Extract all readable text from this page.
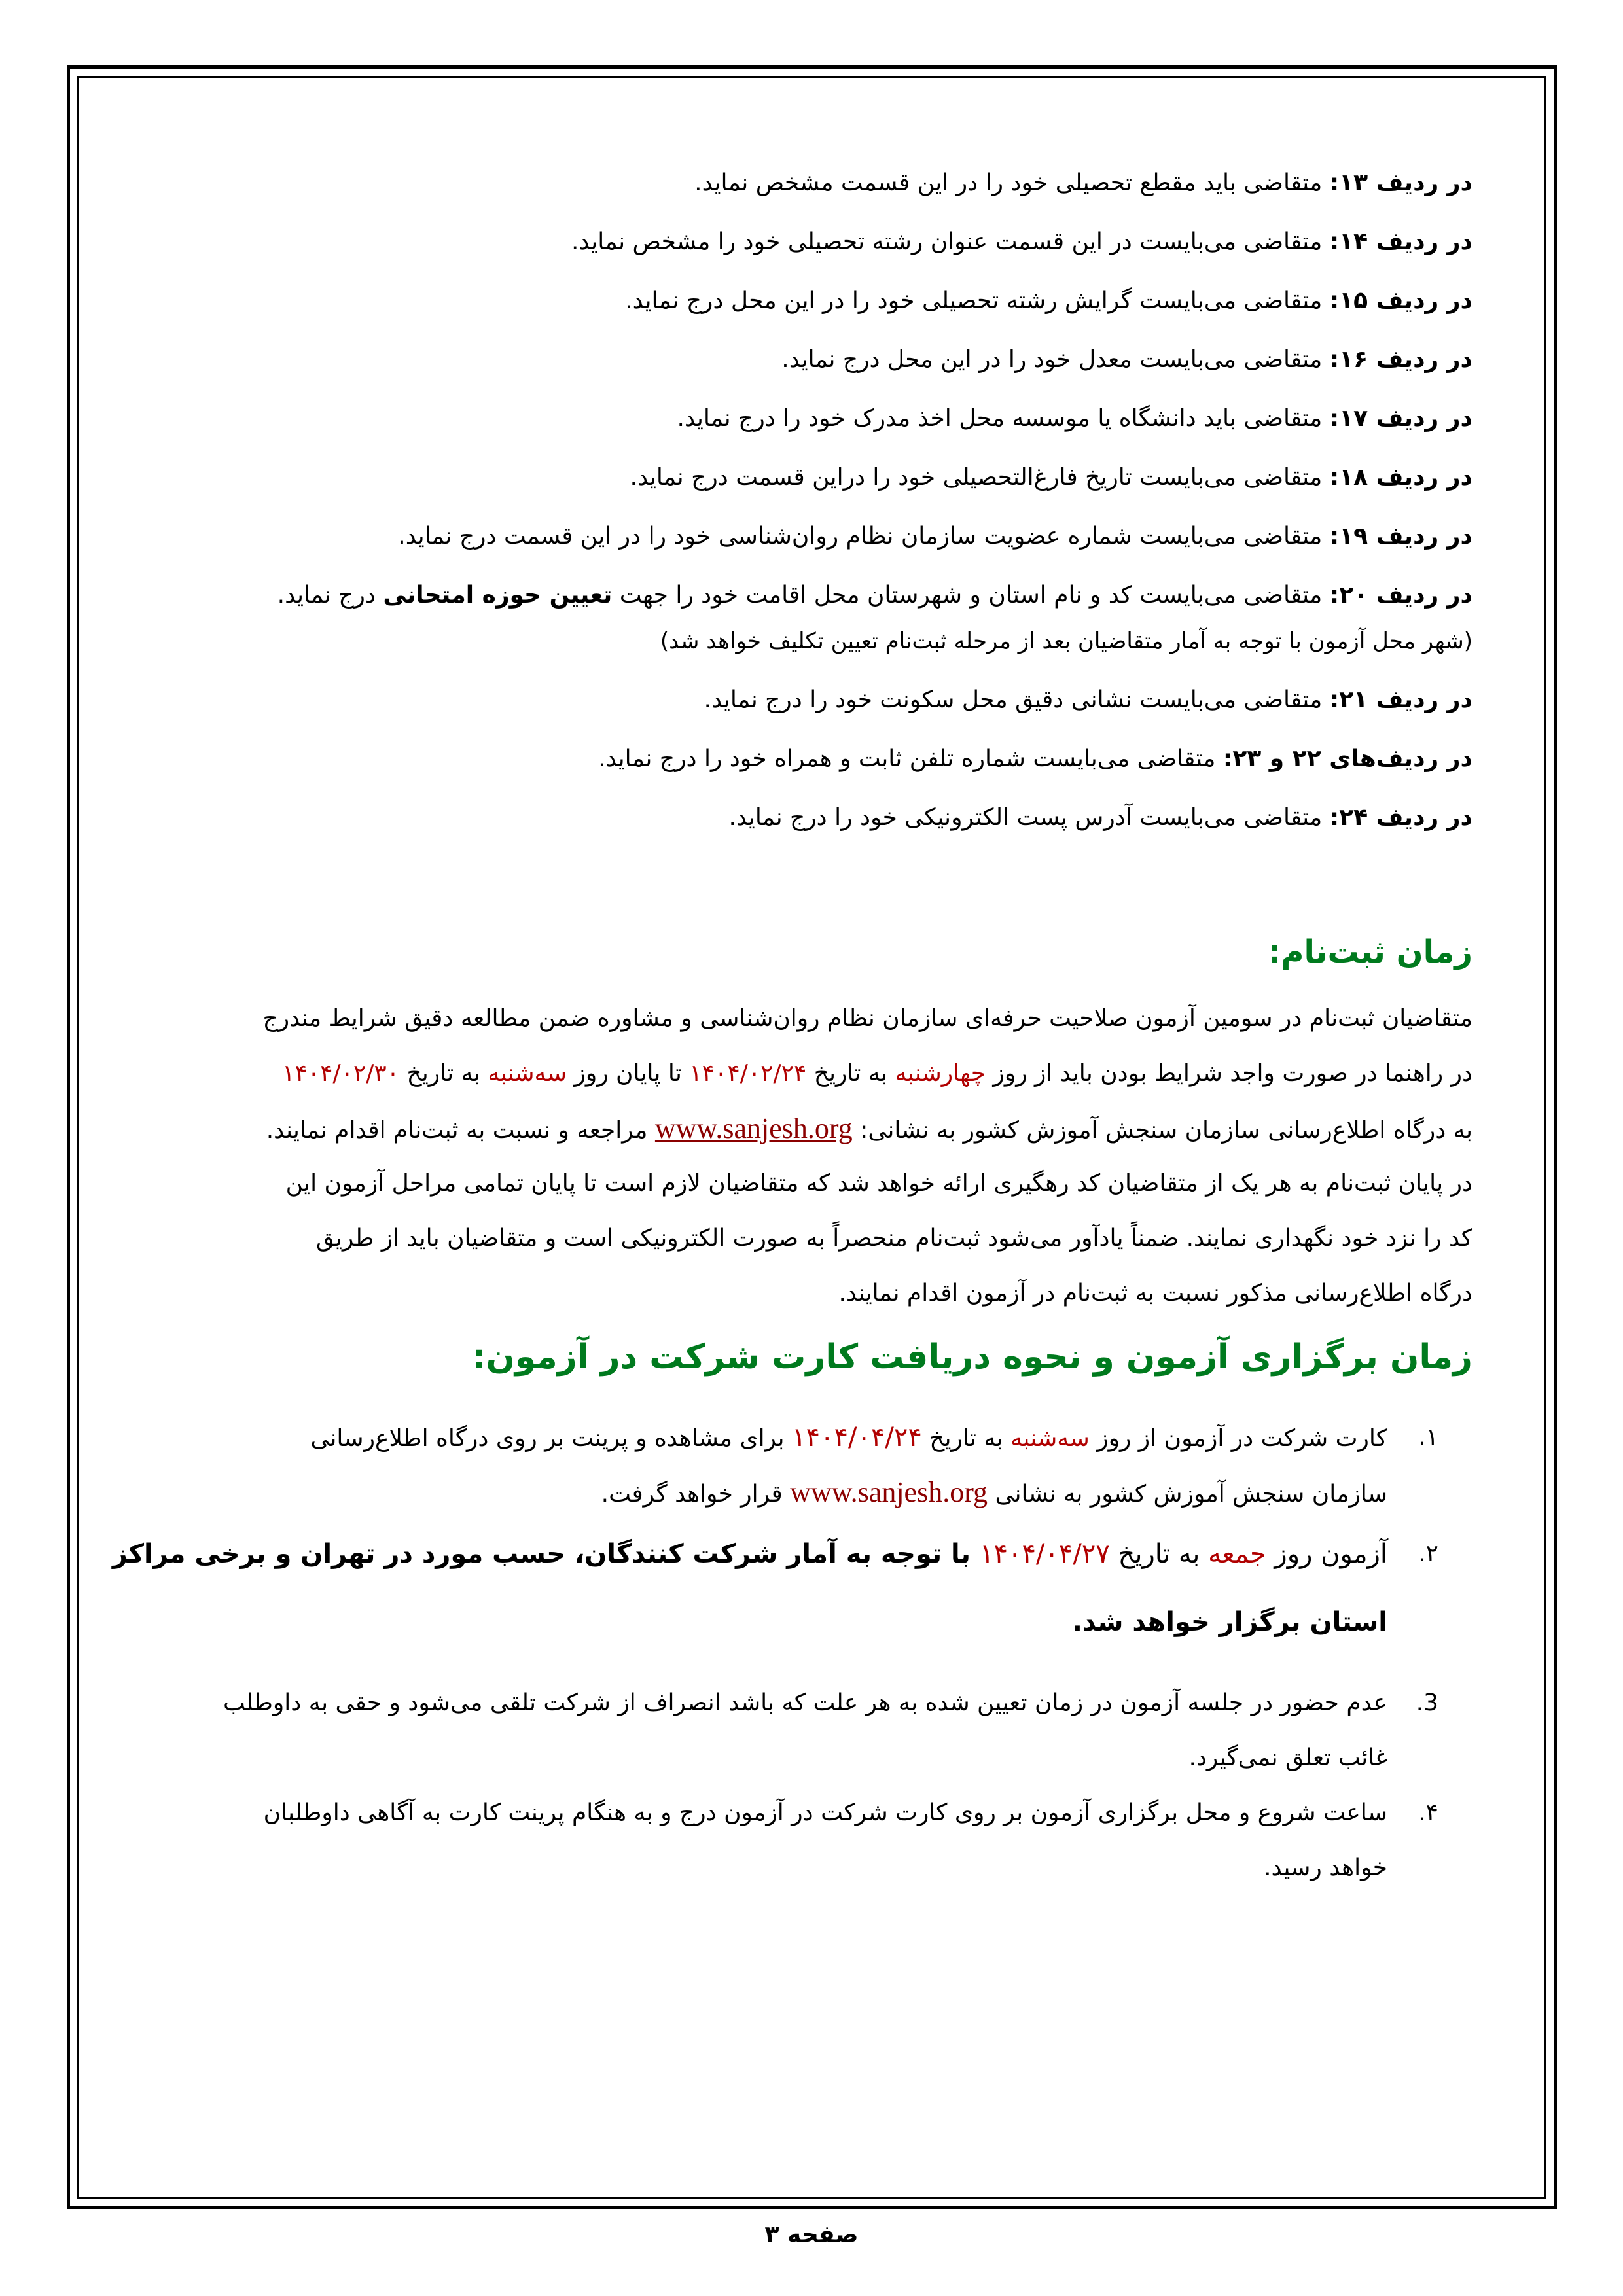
در ردیف ۱۳: متقاضی باید مقطع تحصیلی خود را در این قسمت مشخص نماید.
در ردیف ۱۴: متقاضی می‌بایست در این قسمت عنوان رشته تحصیلی خود را مشخص نماید.
در ردیف ۱۵: متقاضی می‌بایست گرایش رشته تحصیلی خود را در این محل درج نماید.
در ردیف ۱۶: متقاضی می‌بایست معدل خود را در این محل درج نماید.
در ردیف ۱۷: متقاضی باید دانشگاه یا موسسه محل اخذ مدرک خود را درج نماید.
در ردیف ۱۸: متقاضی می‌بایست تاریخ فارغ‌التحصیلی خود را دراین قسمت درج نماید.
در ردیف ۱۹: متقاضی می‌بایست شماره عضویت سازمان نظام روان‌شناسی خود را در این قسمت درج نماید.
در ردیف ۲۰: متقاضی می‌بایست کد و نام استان و شهرستان محل اقامت خود را جهت تعیین حوزه امتحانی درج نماید.
(شهر محل آزمون با توجه به آمار متقاضیان بعد از مرحله ثبت‌نام تعیین تکلیف خواهد شد)
در ردیف ۲۱: متقاضی می‌بایست نشانی دقیق محل سکونت خود را درج نماید.
در ردیف‌های ۲۲ و ۲۳: متقاضی می‌بایست شماره تلفن ثابت و همراه خود را درج نماید.
در ردیف ۲۴: متقاضی می‌بایست آدرس پست الکترونیکی خود را درج نماید.
زمان ثبت‌نام:
متقاضیان ثبت‌نام در سومین آزمون صلاحیت حرفه‌ای سازمان نظام روان‌شناسی و مشاوره ضمن مطالعه دقیق شرایط مندرج
در راهنما در صورت واجد شرایط بودن باید از روز چهارشنبه به تاریخ ۱۴۰۴/۰۲/۲۴ تا پایان روز سه‌شنبه به تاریخ ۱۴۰۴/۰۲/۳۰
به درگاه اطلاع‌رسانی سازمان سنجش آموزش کشور به نشانی: www.sanjesh.org مراجعه و نسبت به ثبت‌نام اقدام نمایند.
در پایان ثبت‌نام به هر یک از متقاضیان کد رهگیری ارائه خواهد شد که متقاضیان لازم است تا پایان تمامی مراحل آزمون این
کد را نزد خود نگهداری نمایند. ضمناً یادآور می‌شود ثبت‌نام منحصراً به صورت الکترونیکی است و متقاضیان باید از طریق
درگاه اطلاع‌رسانی مذکور نسبت به ثبت‌نام در آزمون اقدام نمایند.
زمان برگزاری آزمون و نحوه دریافت کارت شرکت در آزمون:
۱.
کارت شرکت در آزمون از روز سه‌شنبه به تاریخ ۱۴۰۴/۰۴/۲۴ برای مشاهده و پرینت بر روی درگاه اطلاع‌رسانی
سازمان سنجش آموزش کشور به نشانی www.sanjesh.org قرار خواهد گرفت.
۲.
آزمون روز جمعه به تاریخ ۱۴۰۴/۰۴/۲۷ با توجه به آمار شرکت کنندگان، حسب مورد در تهران و برخی مراکز
استان برگزار خواهد شد.
3.
عدم حضور در جلسه آزمون در زمان تعیین شده به هر علت که باشد انصراف از شرکت تلقی می‌شود و حقی به داوطلب
غائب تعلق نمی‌گیرد.
۴.
ساعت شروع و محل برگزاری آزمون بر روی کارت شرکت در آزمون درج و به هنگام پرینت کارت به آگاهی داوطلبان
خواهد رسید.
صفحه ۳
